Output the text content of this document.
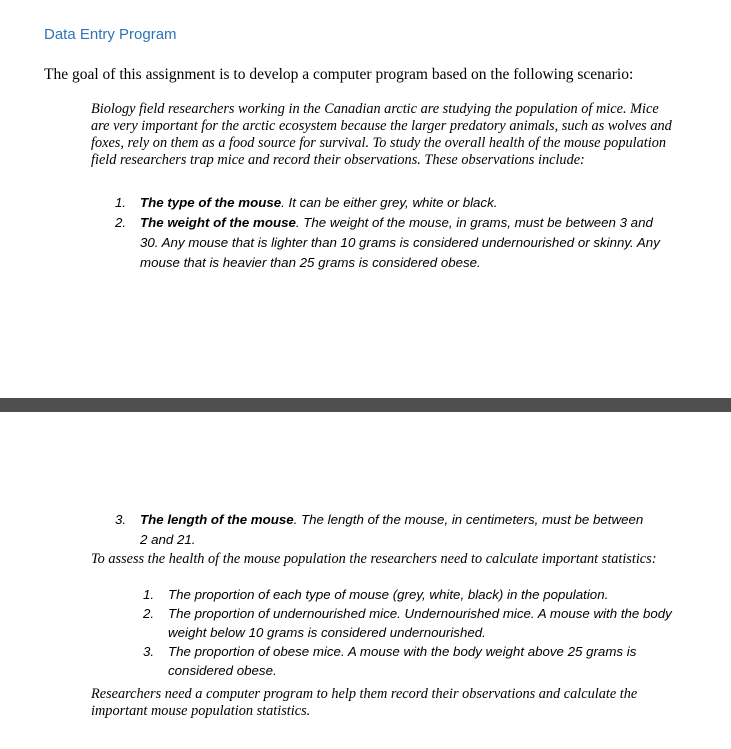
Data Entry Program
The goal of this assignment is to develop a computer program based on the following scenario:
Biology field researchers working in the Canadian arctic are studying the population of mice. Mice are very important for the arctic ecosystem because the larger predatory animals, such as wolves and foxes, rely on them as a food source for survival. To study the overall health of the mouse population field researchers trap mice and record their observations. These observations include:
1. The type of the mouse. It can be either grey, white or black.
2. The weight of the mouse. The weight of the mouse, in grams, must be between 3 and 30. Any mouse that is lighter than 10 grams is considered undernourished or skinny. Any mouse that is heavier than 25 grams is considered obese.
3. The length of the mouse. The length of the mouse, in centimeters, must be between 2 and 21.
To assess the health of the mouse population the researchers need to calculate important statistics:
1. The proportion of each type of mouse (grey, white, black) in the population.
2. The proportion of undernourished mice. Undernourished mice. A mouse with the body weight below 10 grams is considered undernourished.
3. The proportion of obese mice. A mouse with the body weight above 25 grams is considered obese.
Researchers need a computer program to help them record their observations and calculate the important mouse population statistics.
